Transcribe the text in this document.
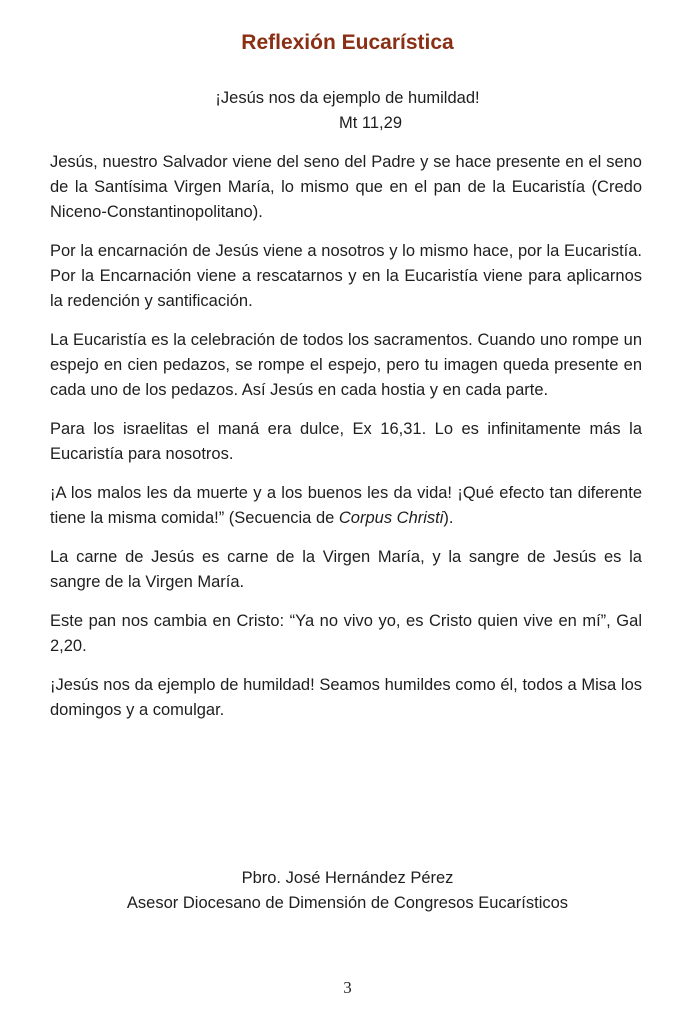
Reflexión Eucarística
¡Jesús nos da ejemplo de humildad!
Mt 11,29

Jesús, nuestro Salvador viene del seno del Padre y se hace presente en el seno de la Santísima Virgen María, lo mismo que en el pan de la Eucaristía (Credo Niceno-Constantinopolitano).

Por la encarnación de Jesús viene a nosotros y lo mismo hace, por la Eucaristía. Por la Encarnación viene a rescatarnos y en la Eucaristía viene para aplicarnos la redención y santificación.

La Eucaristía es la celebración de todos los sacramentos. Cuando uno rompe un espejo en cien pedazos, se rompe el espejo, pero tu imagen queda presente en cada uno de los pedazos. Así Jesús en cada hostia y en cada parte.

Para los israelitas el maná era dulce, Ex 16,31. Lo es infinitamente más la Eucaristía para nosotros.

¡A los malos les da muerte y a los buenos les da vida! ¡Qué efecto tan diferente tiene la misma comida!” (Secuencia de Corpus Christi).

La carne de Jesús es carne de la Virgen María, y la sangre de Jesús es la sangre de la Virgen María.

Este pan nos cambia en Cristo: “Ya no vivo yo, es Cristo quien vive en mí”, Gal 2,20.

¡Jesús nos da ejemplo de humildad! Seamos humildes como él, todos a Misa los domingos y a comulgar.

Pbro. José Hernández Pérez
Asesor Diocesano de Dimensión de Congresos Eucarísticos
3
